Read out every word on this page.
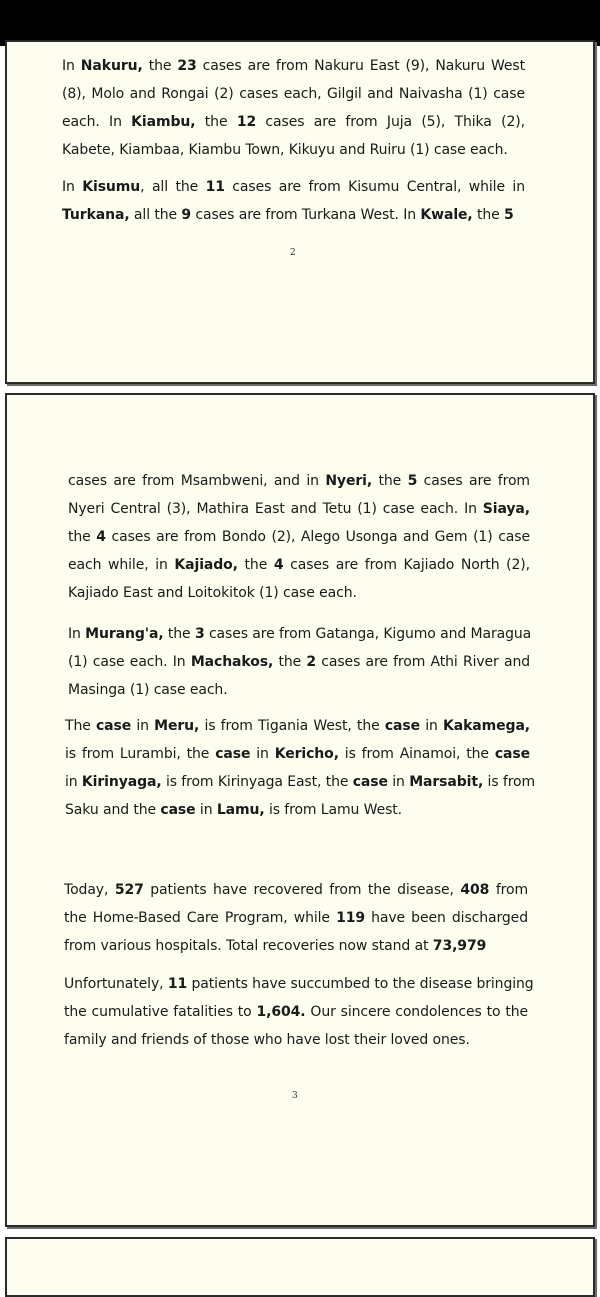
In Nakuru, the 23 cases are from Nakuru East (9), Nakuru West
(8), Molo and Rongai (2) cases each, Gilgil and Naivasha (1) case
each. In Kiambu, the 12 cases are from Juja (5), Thika (2),
Kabete, Kiambaa, Kiambu Town, Kikuyu and Ruiru (1) case each.
In Kisumu, all the 11 cases are from Kisumu Central, while in
Turkana, all the 9 cases are from Turkana West. In Kwale, the 5
2
cases are from Msambweni, and in Nyeri, the 5 cases are from
Nyeri Central (3), Mathira East and Tetu (1) case each. In Siaya,
the 4 cases are from Bondo (2), Alego Usonga and Gem (1) case
each while, in Kajiado, the 4 cases are from Kajiado North (2),
Kajiado East and Loitokitok (1) case each.
In Murang'a, the 3 cases are from Gatanga, Kigumo and Maragua
(1) case each. In Machakos, the 2 cases are from Athi River and
Masinga (1) case each.
The case in Meru, is from Tigania West, the case in Kakamega,
is from Lurambi, the case in Kericho, is from Ainamoi, the case
in Kirinyaga, is from Kirinyaga East, the case in Marsabit, is from
Saku and the case in Lamu, is from Lamu West.
Today, 527 patients have recovered from the disease, 408 from
the Home-Based Care Program, while 119 have been discharged
from various hospitals. Total recoveries now stand at 73,979
Unfortunately, 11 patients have succumbed to the disease bringing
the cumulative fatalities to 1,604. Our sincere condolences to the
family and friends of those who have lost their loved ones.
3
